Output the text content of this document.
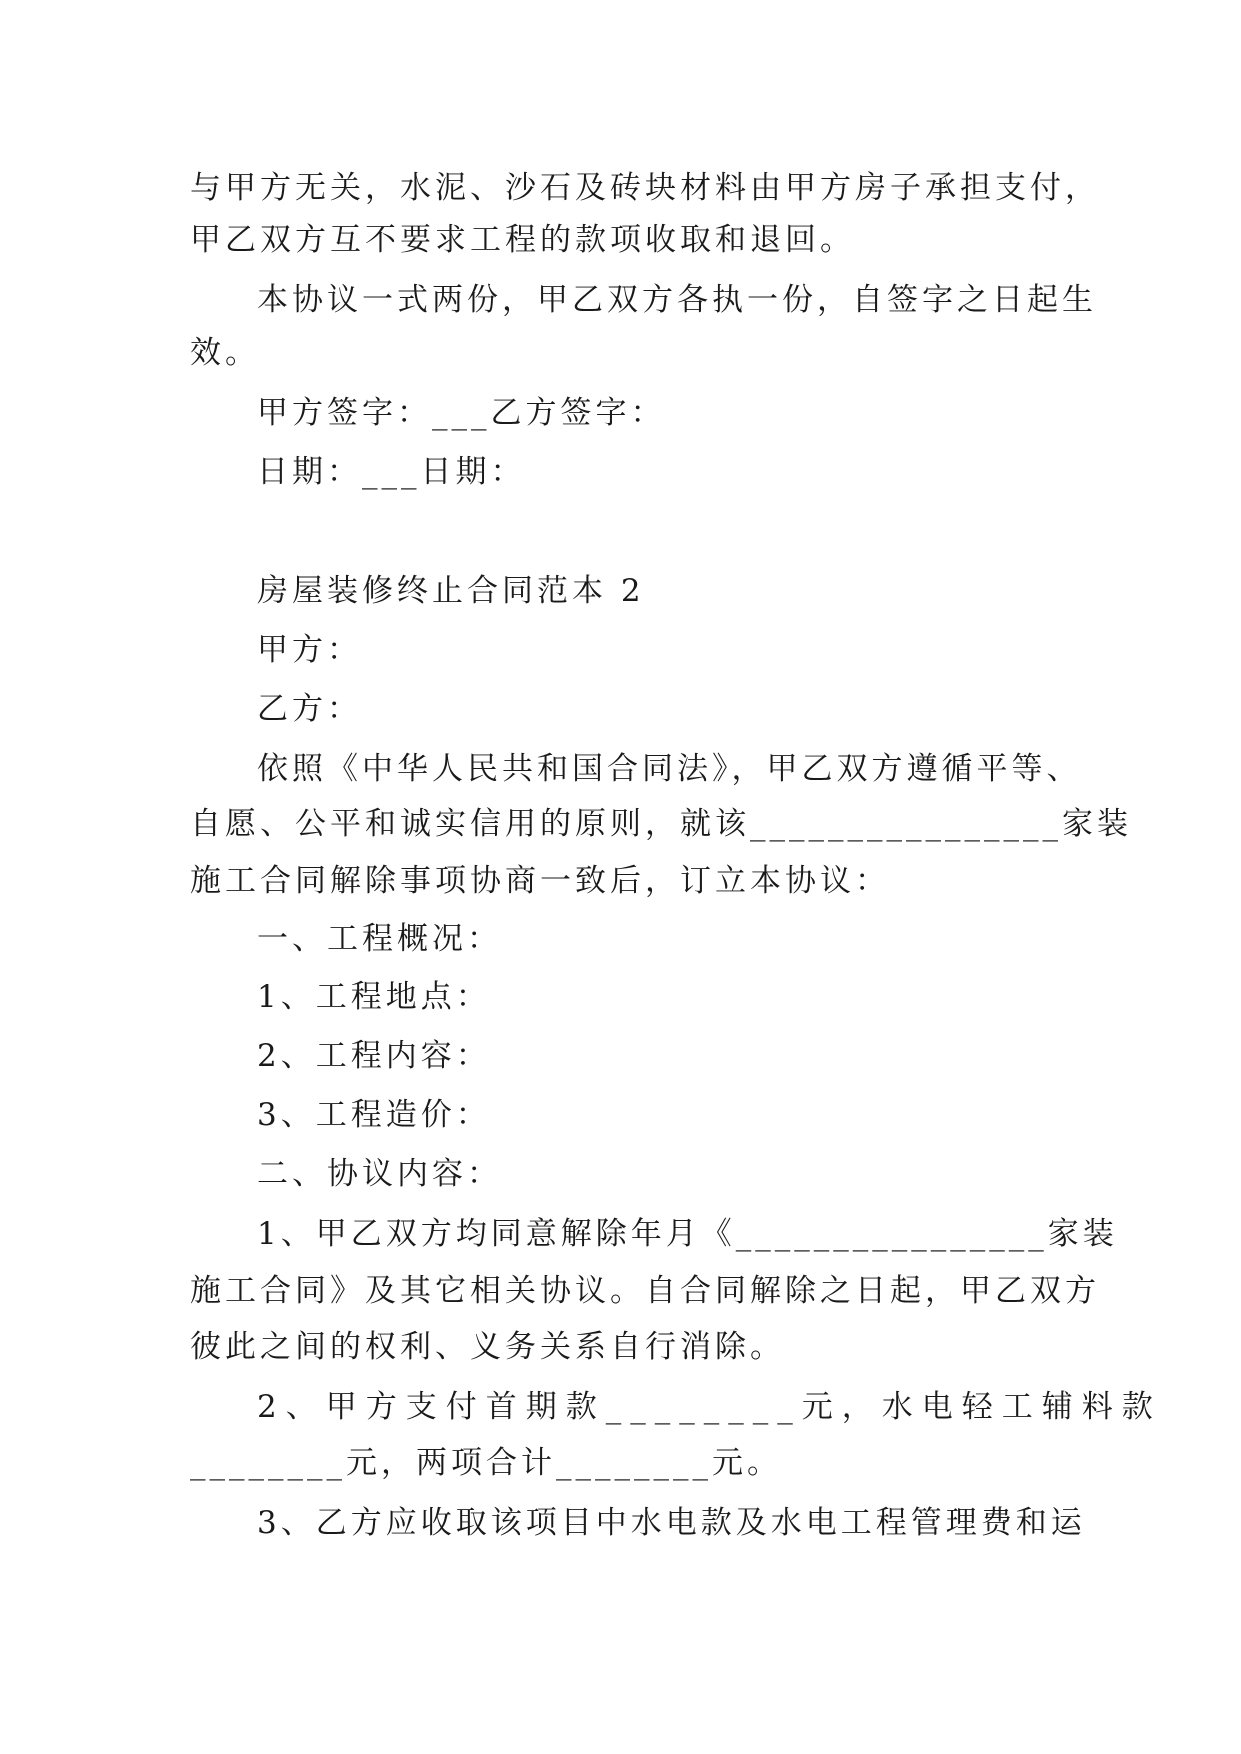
与甲方无关，水泥、沙石及砖块材料由甲方房子承担支付，
甲乙双方互不要求工程的款项收取和退回。
本协议一式两份，甲乙双方各执一份，自签字之日起生
效。
甲方签字：___乙方签字：
日期：___日期：
房屋装修终止合同范本 2
甲方：
乙方：
依照《中华人民共和国合同法》，甲乙双方遵循平等、
自愿、公平和诚实信用的原则，就该________________家装
施工合同解除事项协商一致后，订立本协议：
一、工程概况：
1、工程地点：
2、工程内容：
3、工程造价：
二、协议内容：
1、甲乙双方均同意解除年月《________________家装
施工合同》及其它相关协议。自合同解除之日起，甲乙双方
彼此之间的权利、义务关系自行消除。
2、甲方支付首期款________元，水电轻工辅料款
________元，两项合计________元。
3、乙方应收取该项目中水电款及水电工程管理费和运
